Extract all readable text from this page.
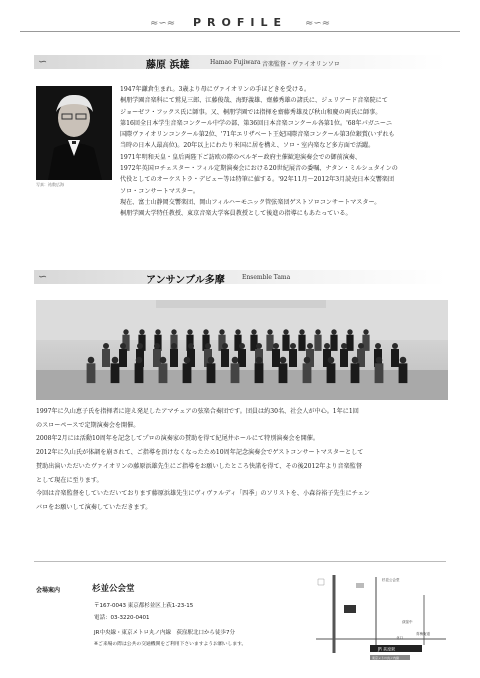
≈∽≈	PROFILE	≈∽≈
∽	藤原 浜雄	Hamao Fujiwara 音楽監督・ヴァイオリンソロ
写真：祐数広海

1947年鎌倉生まれ。3歳より母にヴァイオリンの手ほどきを受ける。

桐朋学園音楽科にて鷲見三郎、江藤俊哉、海野義雄、齋藤秀雄の諸氏に、ジュリアード音楽院にて

ジョーゼフ・フックス氏に師事。又、桐朋学園では指揮を齋藤秀雄及び秋山和慶の両氏に師事。

第16回全日本学生音楽コンクール中学の部、第36回日本音楽コンクール各第1位。'68年パガニーニ

国際ヴァイオリンコンクール第2位、'71年エリザベート王妃国際音楽コンクール第3位銀賞(いずれも

当時の日本人最高位)。20年以上にわたり米国に居を構え、ソロ・室内楽など多方面で活躍。

1971年明和天皇・皇后両陛下ご訪欧の際のベルギー政府主催歓迎演奏会での御前演奏、

1972年英国ロチェスター・フィル定期演奏会における20世紀展音の委嘱、ナタン・ミルシュタインの

代役としてのオーケストラ・デビュー等は特筆に値する。'92年11月～2012年3月読売日本交響楽団

ソロ・コンサートマスター。

現在、富士山静岡交響楽団、岡山フィルハーモニック管弦楽団ゲストソロコンサートマスター。

桐朋学園大学特任教授、東京音楽大学客員教授として後進の指導にもあたっている。

∽	アンサンブル多摩	Ensemble Tama

1997年に久山恵子氏を指揮者に迎え発足したアマチュアの弦楽合奏団です。団員は約30名、社会人が中心。1年に1回

のスローペースで定期演奏会を開催。

2008年2月には活動10周年を記念してプロの演奏家の賛助を得て紀尾井ホールにて特別演奏会を開催。

2012年に久山氏が体調を崩されて、ご指導を頂けなくなったため10周年記念演奏会でゲストコンサートマスターとして

賛助出演いただいたヴァイオリンの藤原浜雄先生にご指導をお願いしたところ快諾を得て、その後2012年より音楽監督

として現在に至ります。

今回は音楽監督をしていただいております藤原浜雄先生にヴィヴァルディ「四季」のソリストを、小森谷裕子先生にチェン

バロをお願いして演奏していただきます。

会場案内	杉並公会堂
〒167-0043 東京都杉並区上荻1-23-15
電話：03-3220-0401
JR中央線・東京メトロ丸ノ内線　荻窪駅北口から徒歩7分
※ご来場の際は公共の交通機関をご利用下さいますようお願いします。
杉並公会堂
荻窪中
青梅街道
北口
JR 荻窪駅
東京メトロ丸ノ内線
